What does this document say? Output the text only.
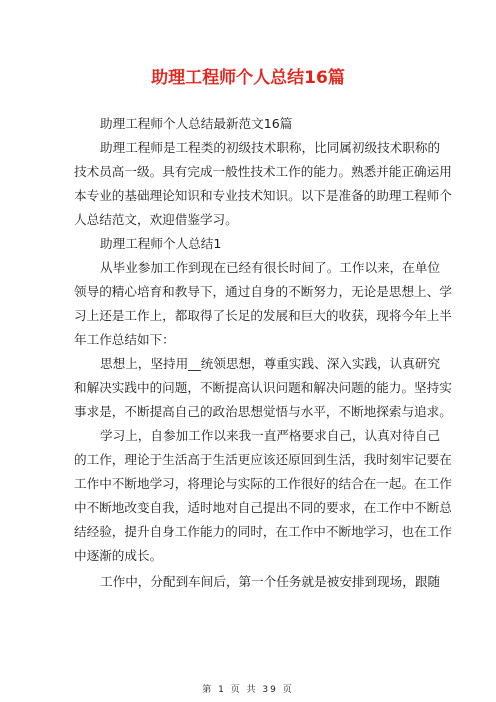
助理工程师个人总结16篇
助理工程师个人总结最新范文16篇
助理工程师是工程类的初级技术职称，比同属初级技术职称的
技术员高一级。具有完成一般性技术工作的能力。熟悉并能正确运用
本专业的基础理论知识和专业技术知识。以下是准备的助理工程师个
人总结范文，欢迎借鉴学习。
助理工程师个人总结1
从毕业参加工作到现在已经有很长时间了。工作以来，在单位
领导的精心培育和教导下，通过自身的不断努力，无论是思想上、学
习上还是工作上，都取得了长足的发展和巨大的收获，现将今年上半
年工作总结如下：
思想上，坚持用__统领思想，尊重实践、深入实践，认真研究
和解决实践中的问题，不断提高认识问题和解决问题的能力。坚持实
事求是，不断提高自己的政治思想觉悟与水平，不断地探索与追求。
学习上，自参加工作以来我一直严格要求自己，认真对待自己
的工作，理论于生活高于生活更应该还原回到生活，我时刻牢记要在
工作中不断地学习，将理论与实际的工作很好的结合在一起。在工作
中不断地改变自我，适时地对自己提出不同的要求，在工作中不断总
结经验，提升自身工作能力的同时，在工作中不断地学习，也在工作
中逐渐的成长。
工作中，分配到车间后，第一个任务就是被安排到现场，跟随
第 1 页 共 39 页
